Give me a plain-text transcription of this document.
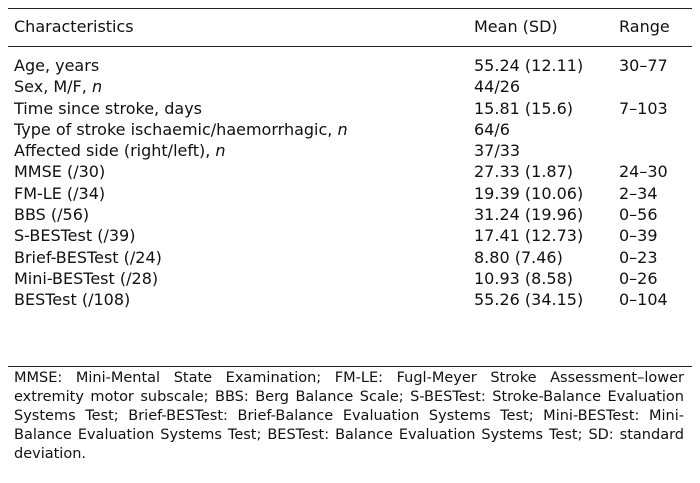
Characteristics	Mean (SD)	Range
Age, years	55.24 (12.11) 30–77
Sex, M/F, n	44/26
Time since stroke, days	15.81 (15.6)	7–103
Type of stroke ischaemic/haemorrhagic, n	64/6
Affected side (right/left), n	37/33
MMSE (/30)	27.33 (1.87)	24–30
FM-LE (/34)	19.39 (10.06) 2–34
BBS (/56)	31.24 (19.96) 0–56
S-BESTest (/39)	17.41 (12.73) 0–39
Brief-BESTest (/24)	8.80 (7.46)	0–23
Mini-BESTest (/28)	10.93 (8.58)	0–26
BESTest (/108)	55.26 (34.15) 0–104
MMSE: Mini-Mental State Examination; FM-LE: Fugl-Meyer Stroke Assessment–lower extremity motor subscale; BBS: Berg Balance Scale; S-BESTest: Stroke-Balance Evaluation Systems Test; Brief-BESTest: Brief-Balance Evaluation Systems Test; Mini-BESTest: Mini-Balance Evaluation Systems Test; BESTest: Balance Evaluation Systems Test; SD: standard deviation.
